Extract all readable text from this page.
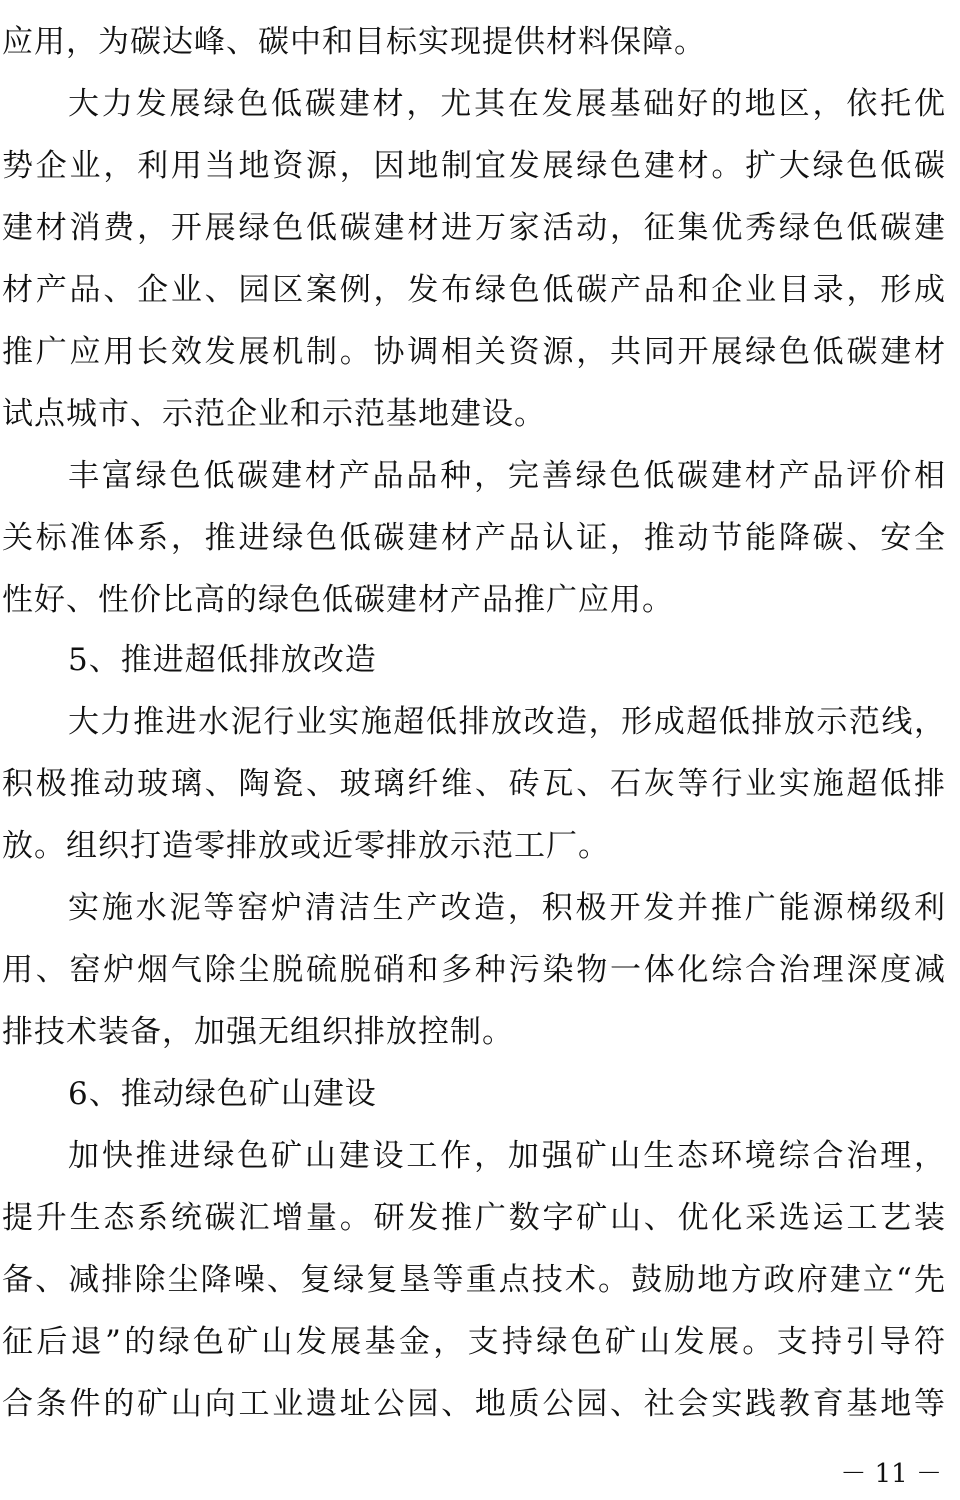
应用，为碳达峰、碳中和目标实现提供材料保障。
大力发展绿色低碳建材，尤其在发展基础好的地区，依托优
势企业，利用当地资源，因地制宜发展绿色建材。扩大绿色低碳
建材消费，开展绿色低碳建材进万家活动，征集优秀绿色低碳建
材产品、企业、园区案例，发布绿色低碳产品和企业目录，形成
推广应用长效发展机制。协调相关资源，共同开展绿色低碳建材
试点城市、示范企业和示范基地建设。
丰富绿色低碳建材产品品种，完善绿色低碳建材产品评价相
关标准体系，推进绿色低碳建材产品认证，推动节能降碳、安全
性好、性价比高的绿色低碳建材产品推广应用。
5、推进超低排放改造
大力推进水泥行业实施超低排放改造，形成超低排放示范线，
积极推动玻璃、陶瓷、玻璃纤维、砖瓦、石灰等行业实施超低排
放。组织打造零排放或近零排放示范工厂。
实施水泥等窑炉清洁生产改造，积极开发并推广能源梯级利
用、窑炉烟气除尘脱硫脱硝和多种污染物一体化综合治理深度减
排技术装备，加强无组织排放控制。
6、推动绿色矿山建设
加快推进绿色矿山建设工作，加强矿山生态环境综合治理，
提升生态系统碳汇增量。研发推广数字矿山、优化采选运工艺装
备、减排除尘降噪、复绿复垦等重点技术。鼓励地方政府建立“先
征后退”的绿色矿山发展基金，支持绿色矿山发展。支持引导符
合条件的矿山向工业遗址公园、地质公园、社会实践教育基地等
－ 11 －
